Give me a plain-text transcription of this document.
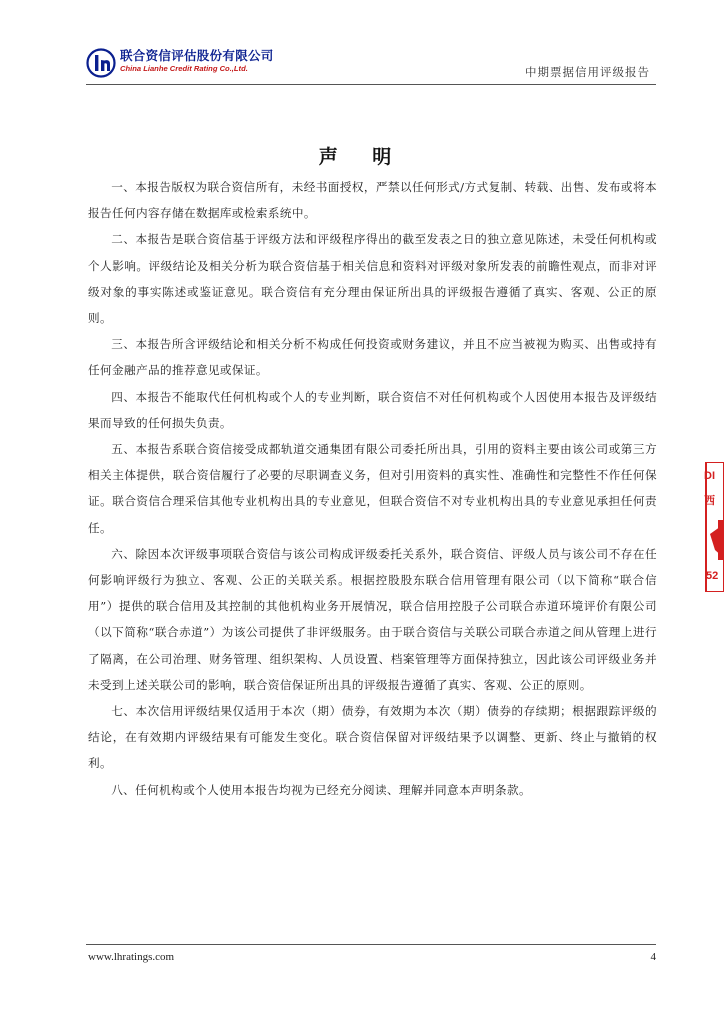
联合资信评估股份有限公司
China Lianhe Credit Rating Co.,Ltd.	中期票据信用评级报告
声 明

一、本报告版权为联合资信所有，未经书面授权，严禁以任何形式/方式复制、转载、出售、发布或将本报告任何内容存储在数据库或检索系统中。

二、本报告是联合资信基于评级方法和评级程序得出的截至发表之日的独立意见陈述，未受任何机构或个人影响。评级结论及相关分析为联合资信基于相关信息和资料对评级对象所发表的前瞻性观点，而非对评级对象的事实陈述或鉴证意见。联合资信有充分理由保证所出具的评级报告遵循了真实、客观、公正的原则。

三、本报告所含评级结论和相关分析不构成任何投资或财务建议，并且不应当被视为购买、出售或持有任何金融产品的推荐意见或保证。

四、本报告不能取代任何机构或个人的专业判断，联合资信不对任何机构或个人因使用本报告及评级结果而导致的任何损失负责。

五、本报告系联合资信接受成都轨道交通集团有限公司委托所出具，引用的资料主要由该公司或第三方相关主体提供，联合资信履行了必要的尽职调查义务，但对引用资料的真实性、准确性和完整性不作任何保证。联合资信合理采信其他专业机构出具的专业意见，但联合资信不对专业机构出具的专业意见承担任何责任。

六、除因本次评级事项联合资信与该公司构成评级委托关系外，联合资信、评级人员与该公司不存在任何影响评级行为独立、客观、公正的关联关系。根据控股股东联合信用管理有限公司（以下简称“联合信用”）提供的联合信用及其控制的其他机构业务开展情况，联合信用控股子公司联合赤道环境评价有限公司（以下简称“联合赤道”）为该公司提供了非评级服务。由于联合资信与关联公司联合赤道之间从管理上进行了隔离，在公司治理、财务管理、组织架构、人员设置、档案管理等方面保持独立，因此该公司评级业务并未受到上述关联公司的影响，联合资信保证所出具的评级报告遵循了真实、客观、公正的原则。

七、本次信用评级结果仅适用于本次（期）债券，有效期为本次（期）债券的存续期；根据跟踪评级的结论，在有效期内评级结果有可能发生变化。联合资信保留对评级结果予以调整、更新、终止与撤销的权利。

八、任何机构或个人使用本报告均视为已经充分阅读、理解并同意本声明条款。

DI
西
52
www.lhratings.com	4
